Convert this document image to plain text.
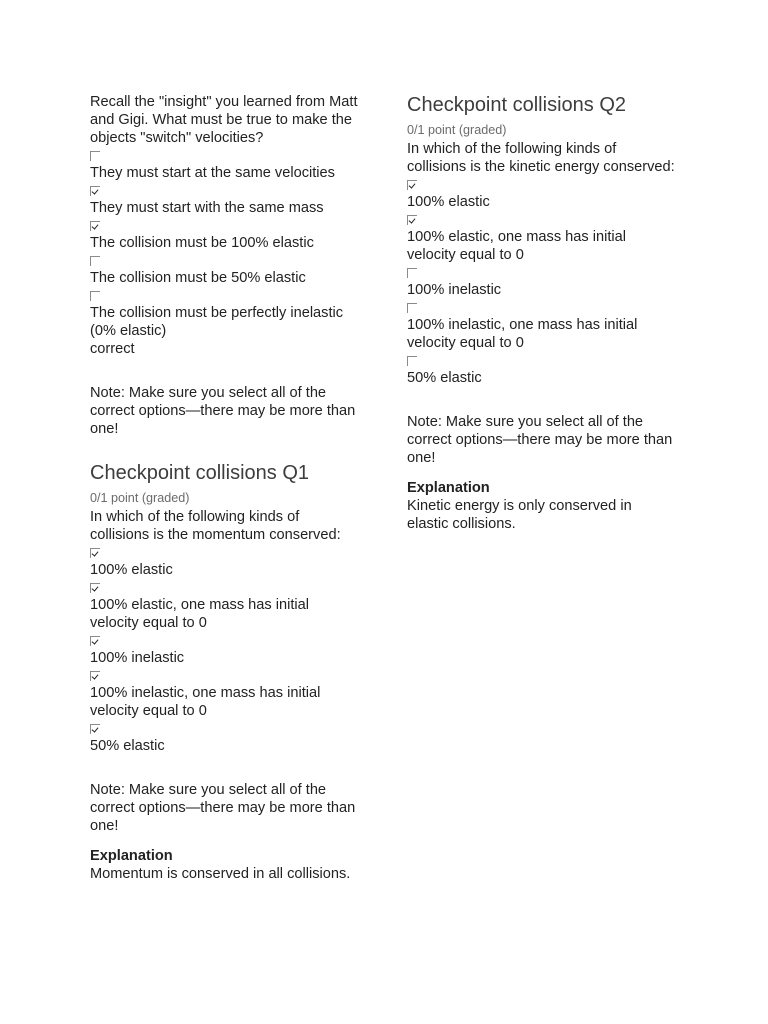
Recall the "insight" you learned from Matt and Gigi. What must be true to make the objects "switch" velocities?

They must start at the same velocities
They must start with the same mass
The collision must be 100% elastic
The collision must be 50% elastic
The collision must be perfectly inelastic (0% elastic)

correct

Note: Make sure you select all of the correct options—there may be more than one!

Checkpoint collisions Q1

0/1 point (graded)

In which of the following kinds of collisions is the momentum conserved:

100% elastic
100% elastic, one mass has initial velocity equal to 0
100% inelastic
100% inelastic, one mass has initial velocity equal to 0
50% elastic

Note: Make sure you select all of the correct options—there may be more than one!

Explanation

Momentum is conserved in all collisions.

Checkpoint collisions Q2

0/1 point (graded)

In which of the following kinds of collisions is the kinetic energy conserved:

100% elastic
100% elastic, one mass has initial velocity equal to 0
100% inelastic
100% inelastic, one mass has initial velocity equal to 0
50% elastic

Note: Make sure you select all of the correct options—there may be more than one!

Explanation

Kinetic energy is only conserved in elastic collisions.
